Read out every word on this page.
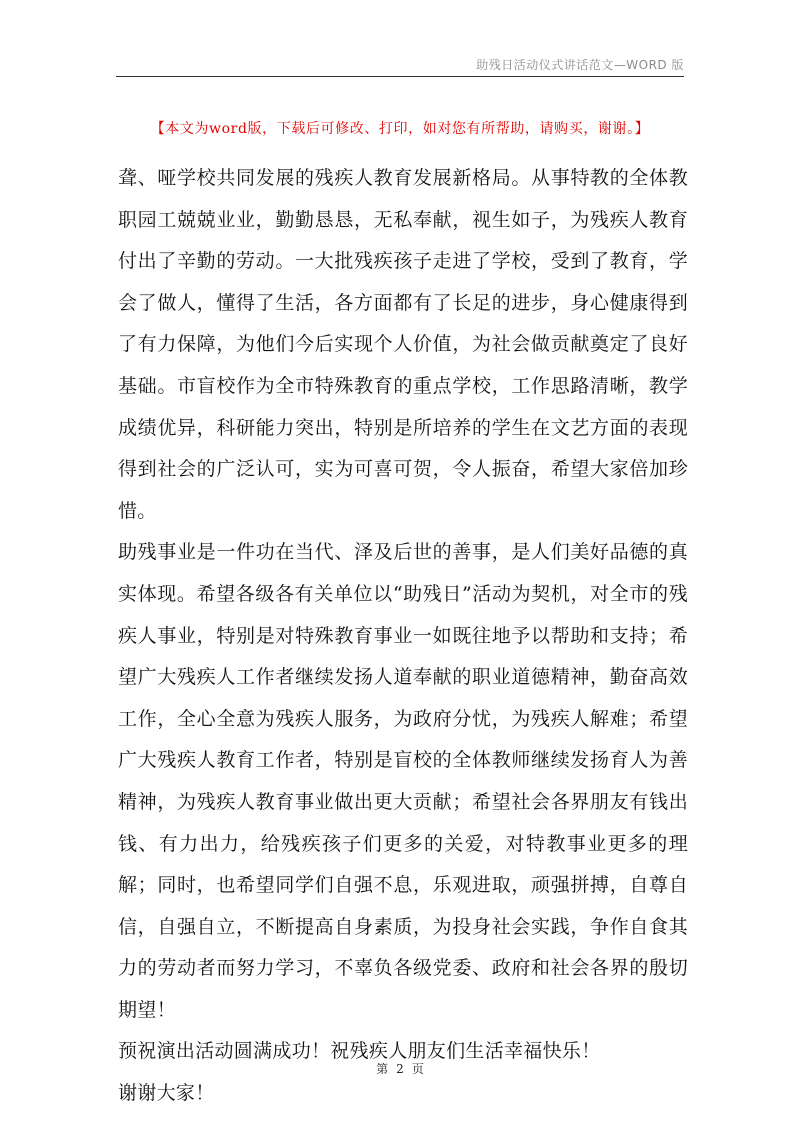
助残日活动仪式讲话范文—WORD 版
【本文为word版，下载后可修改、打印，如对您有所帮助，请购买，谢谢。】

聋、哑学校共同发展的残疾人教育发展新格局。从事特教的全体教职园工兢兢业业，勤勤恳恳，无私奉献，视生如子，为残疾人教育付出了辛勤的劳动。一大批残疾孩子走进了学校，受到了教育，学会了做人，懂得了生活，各方面都有了长足的进步，身心健康得到了有力保障，为他们今后实现个人价值，为社会做贡献奠定了良好基础。市盲校作为全市特殊教育的重点学校，工作思路清晰，教学成绩优异，科研能力突出，特别是所培养的学生在文艺方面的表现得到社会的广泛认可，实为可喜可贺，令人振奋，希望大家倍加珍惜。

助残事业是一件功在当代、泽及后世的善事，是人们美好品德的真实体现。希望各级各有关单位以“助残日”活动为契机，对全市的残疾人事业，特别是对特殊教育事业一如既往地予以帮助和支持；希望广大残疾人工作者继续发扬人道奉献的职业道德精神，勤奋高效工作，全心全意为残疾人服务，为政府分忧，为残疾人解难；希望广大残疾人教育工作者，特别是盲校的全体教师继续发扬育人为善精神，为残疾人教育事业做出更大贡献；希望社会各界朋友有钱出钱、有力出力，给残疾孩子们更多的关爱，对特教事业更多的理解；同时，也希望同学们自强不息，乐观进取，顽强拼搏，自尊自信，自强自立，不断提高自身素质，为投身社会实践，争作自食其力的劳动者而努力学习，不辜负各级党委、政府和社会各界的殷切期望！

预祝演出活动圆满成功！祝残疾人朋友们生活幸福快乐！

谢谢大家！

第 2 页
